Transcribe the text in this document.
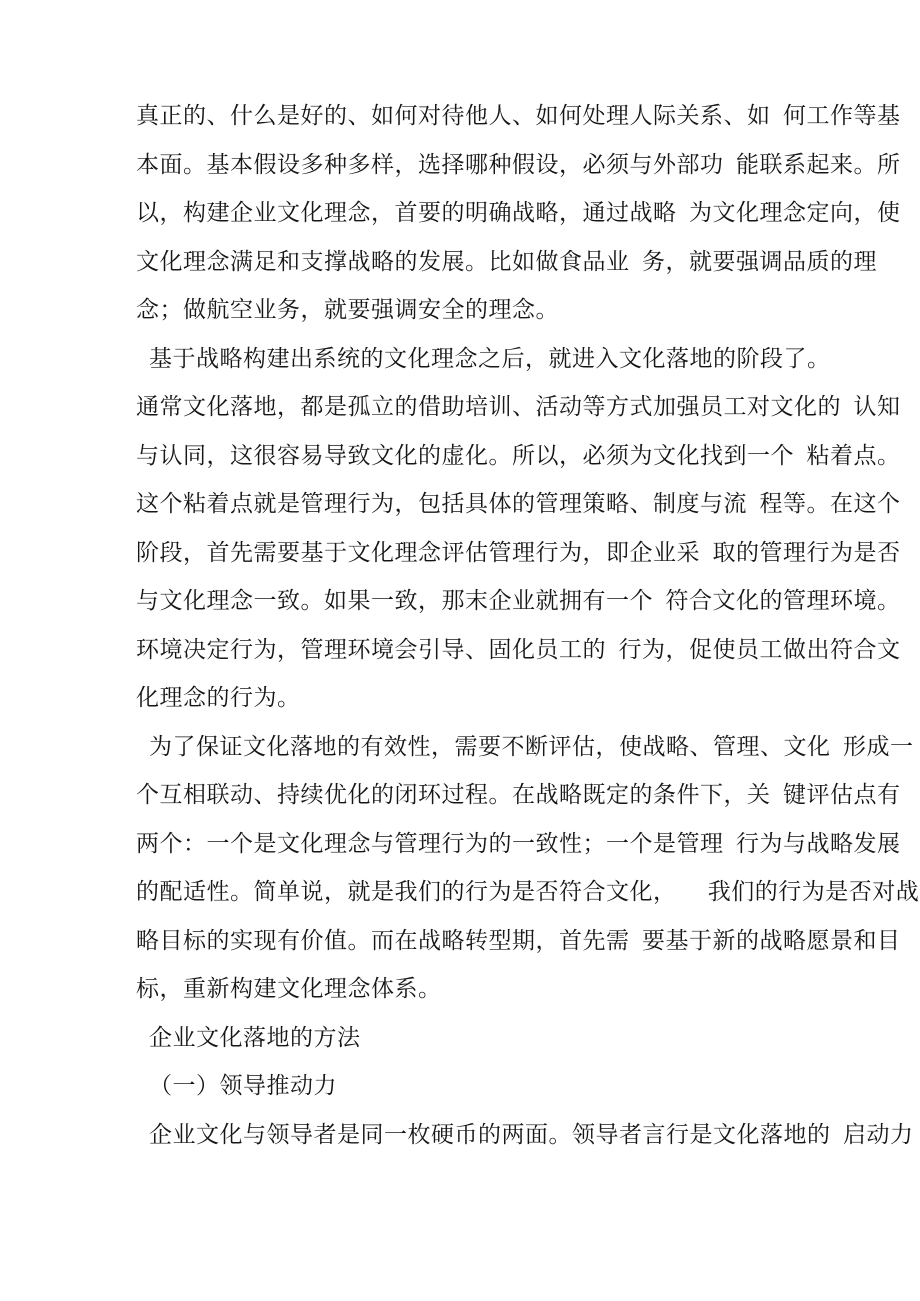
真正的、什么是好的、如何对待他人、如何处理人际关系、如  何工作等基
本面。基本假设多种多样，选择哪种假设，必须与外部功  能联系起来。所
以，构建企业文化理念，首要的明确战略，通过战略  为文化理念定向，使
文化理念满足和支撑战略的发展。比如做食品业  务，就要强调品质的理
念；做航空业务，就要强调安全的理念。
基于战略构建出系统的文化理念之后，就进入文化落地的阶段了。
通常文化落地，都是孤立的借助培训、活动等方式加强员工对文化的  认知
与认同，这很容易导致文化的虚化。所以，必须为文化找到一个  粘着点。
这个粘着点就是管理行为，包括具体的管理策略、制度与流  程等。在这个
阶段，首先需要基于文化理念评估管理行为，即企业采  取的管理行为是否
与文化理念一致。如果一致，那末企业就拥有一个  符合文化的管理环境。
环境决定行为，管理环境会引导、固化员工的  行为，促使员工做出符合文
化理念的行为。
为了保证文化落地的有效性，需要不断评估，使战略、管理、文化  形成一
个互相联动、持续优化的闭环过程。在战略既定的条件下，关  键评估点有
两个：一个是文化理念与管理行为的一致性；一个是管理  行为与战略发展
的配适性。简单说，就是我们的行为是否符合文化，     我们的行为是否对战
略目标的实现有价值。而在战略转型期，首先需  要基于新的战略愿景和目
标，重新构建文化理念体系。
企业文化落地的方法
（一）领导推动力
企业文化与领导者是同一枚硬币的两面。领导者言行是文化落地的  启动力
